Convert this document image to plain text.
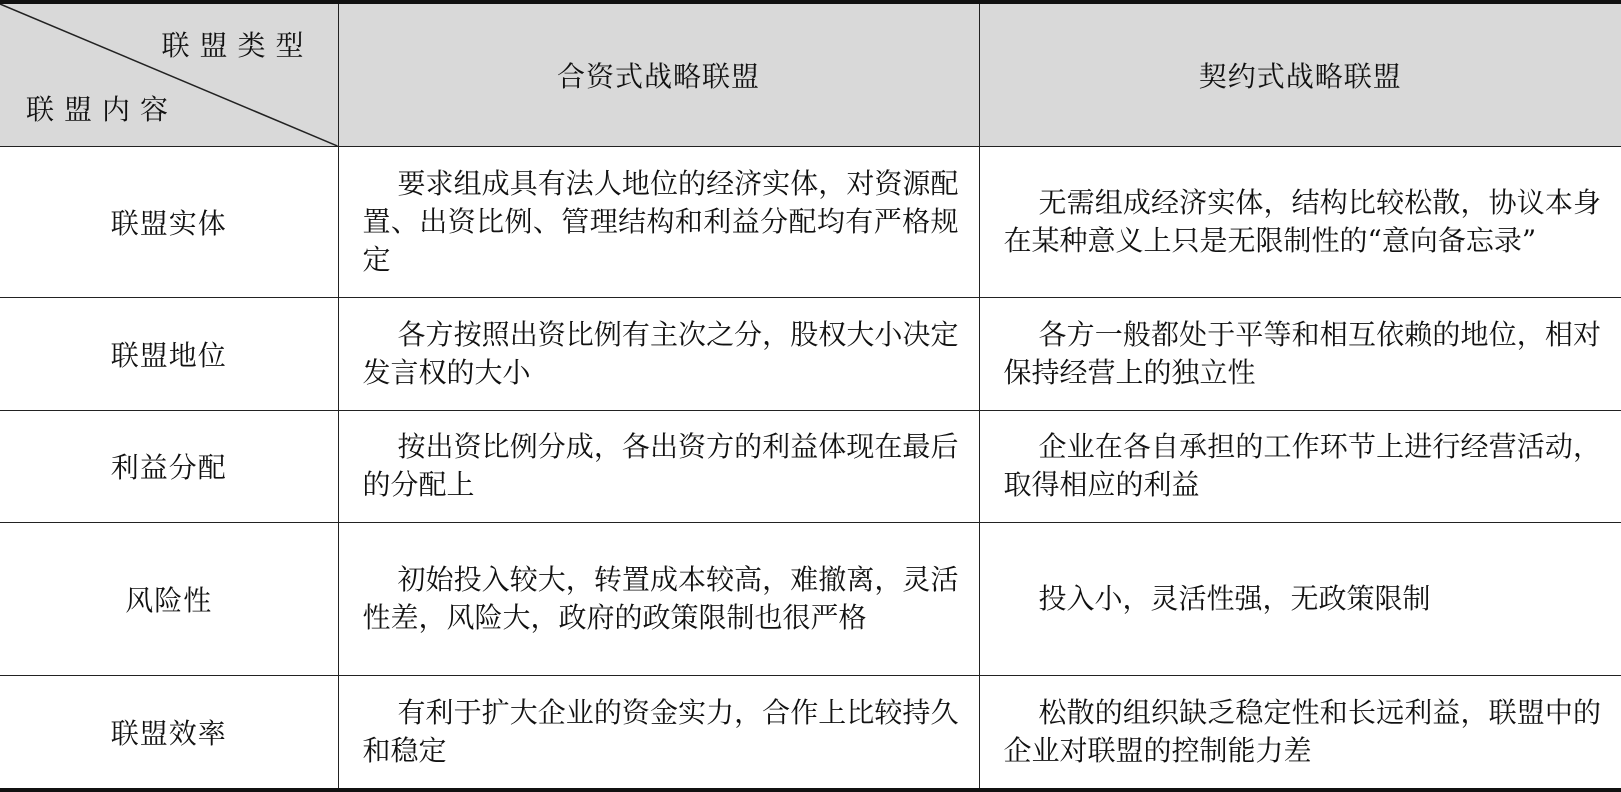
联盟类型
联盟内容	合资式战略联盟	契约式战略联盟
联盟实体	要求组成具有法人地位的经济实体，对资源配置、出资比例、管理结构和利益分配均有严格规定	无需组成经济实体，结构比较松散，协议本身在某种意义上只是无限制性的“意向备忘录”
联盟地位	各方按照出资比例有主次之分，股权大小决定发言权的大小	各方一般都处于平等和相互依赖的地位，相对保持经营上的独立性
利益分配	按出资比例分成，各出资方的利益体现在最后的分配上	企业在各自承担的工作环节上进行经营活动，取得相应的利益
风险性	初始投入较大，转置成本较高，难撤离，灵活性差，风险大，政府的政策限制也很严格	投入小，灵活性强，无政策限制
联盟效率	有利于扩大企业的资金实力，合作上比较持久和稳定	松散的组织缺乏稳定性和长远利益，联盟中的企业对联盟的控制能力差
